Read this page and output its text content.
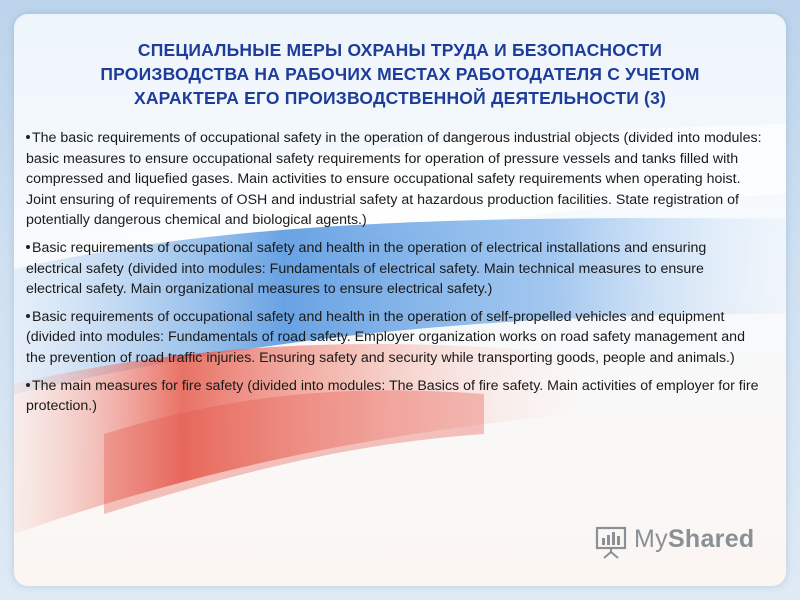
СПЕЦИАЛЬНЫЕ МЕРЫ ОХРАНЫ ТРУДА И БЕЗОПАСНОСТИ
ПРОИЗВОДСТВА НА РАБОЧИХ МЕСТАХ РАБОТОДАТЕЛЯ С УЧЕТОМ
ХАРАКТЕРА ЕГО ПРОИЗВОДСТВЕННОЙ ДЕЯТЕЛЬНОСТИ (3)

The basic requirements of occupational safety in the operation of dangerous industrial objects (divided into modules: basic measures to ensure occupational safety requirements for operation of pressure vessels and tanks filled with compressed and liquefied gases. Main activities to ensure occupational safety requirements when operating hoist. Joint ensuring of requirements of OSH and industrial safety at hazardous production facilities. State registration of potentially dangerous chemical and biological agents.)

Basic requirements of occupational safety and health in the operation of electrical installations and ensuring electrical safety (divided into modules: Fundamentals of electrical safety. Main technical measures to ensure electrical safety. Main organizational measures to ensure electrical safety.)

Basic requirements of occupational safety and health in the operation of self-propelled vehicles and equipment (divided into modules: Fundamentals of road safety. Employer organization works on road safety management and the prevention of road traffic injuries. Ensuring safety and security while transporting goods, people and animals.)

The main measures for fire safety (divided into modules: The Basics of fire safety. Main activities of employer for fire protection.)

MyShared
